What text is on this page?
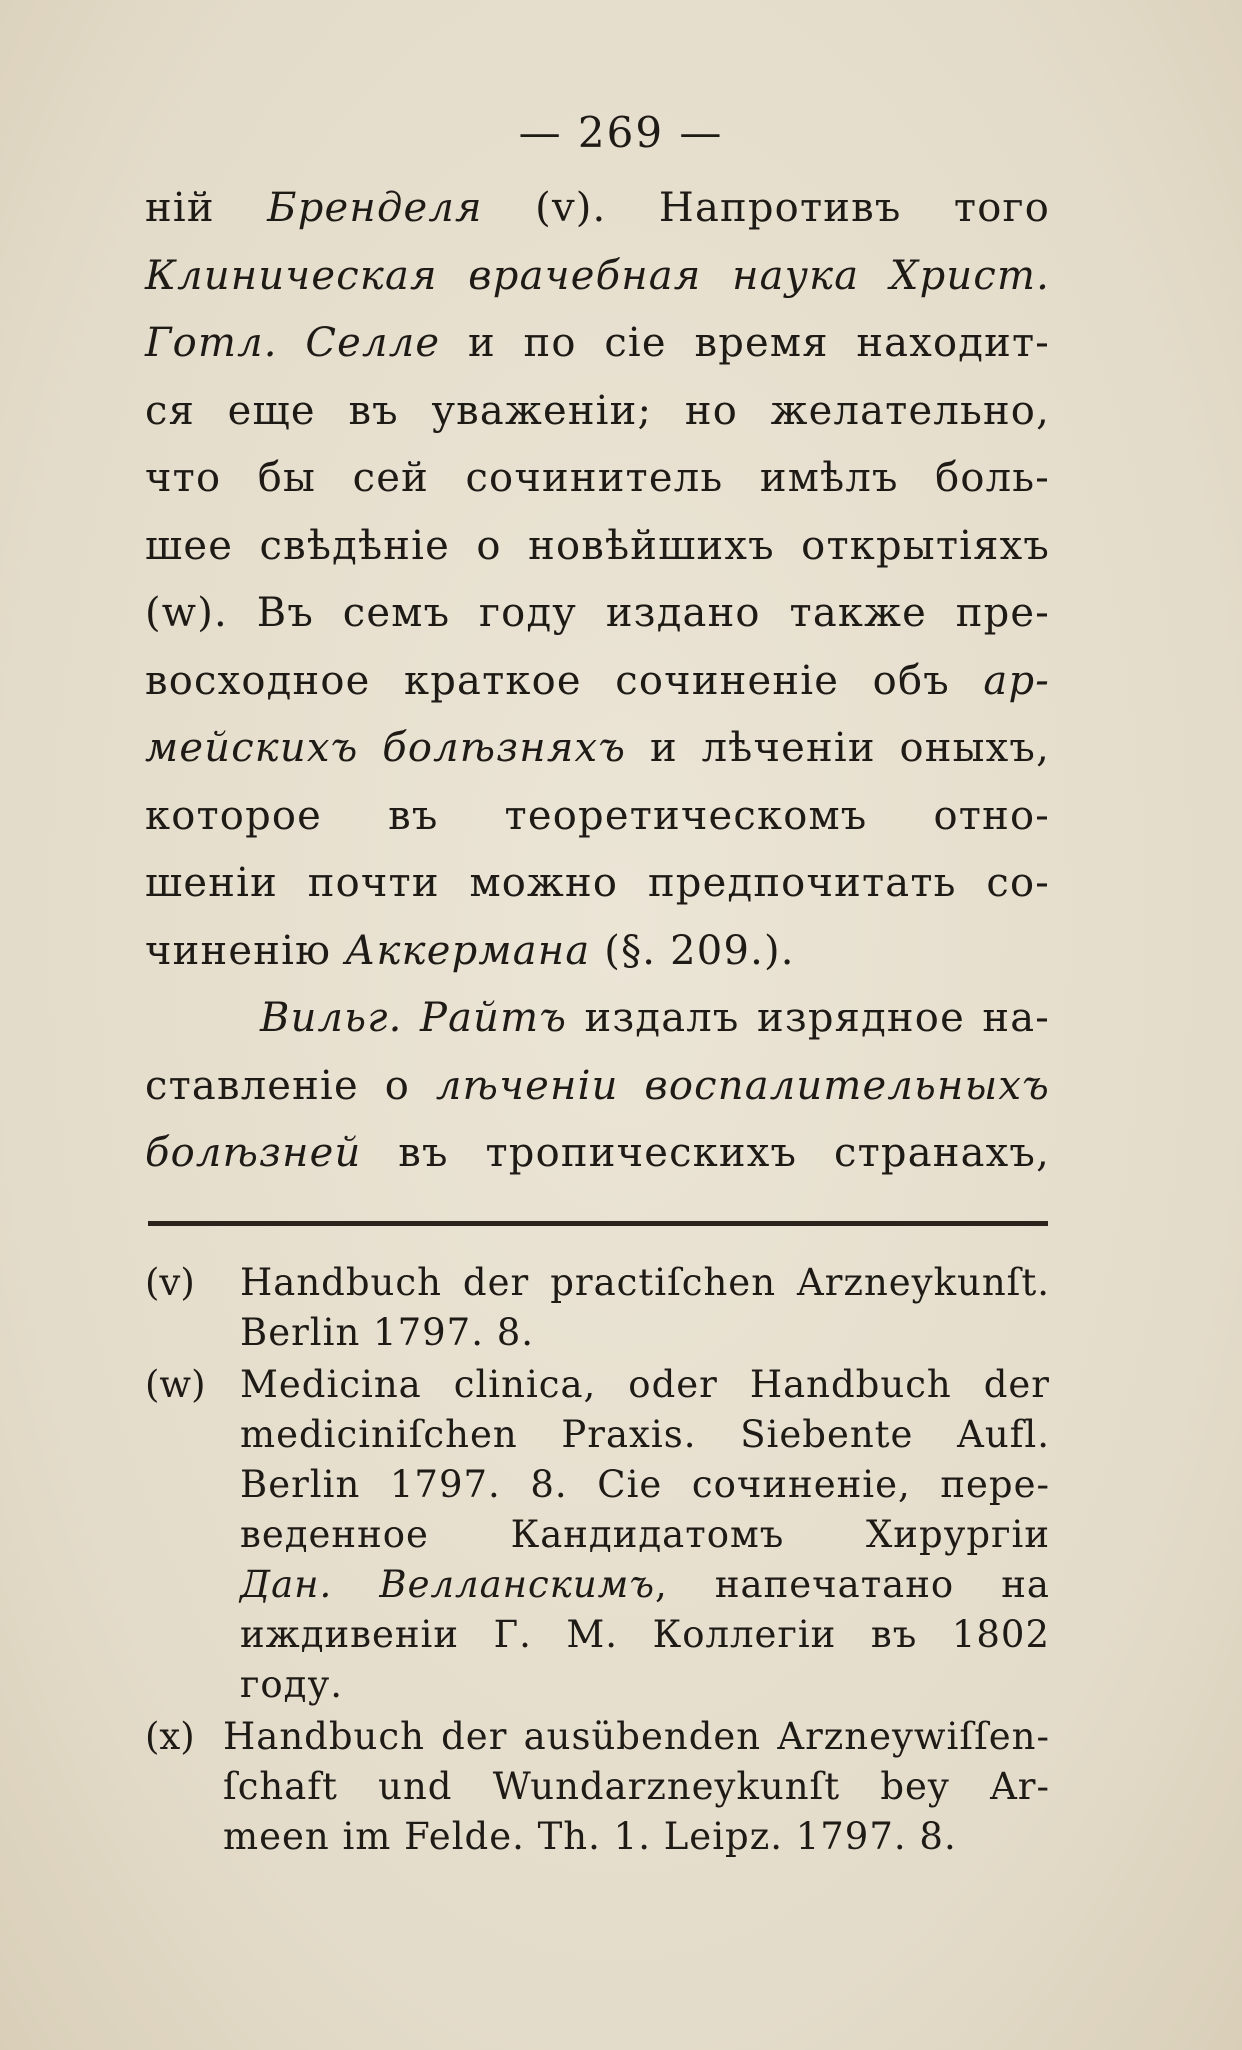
— 269 —
ній Бренделя (v). Напротивъ того
Клиническая врачебная наука Христ.
Готл. Селле и по сіе время находит-
ся еще въ уваженіи; но желательно,
что бы сей сочинитель имѣлъ боль-
шее свѣдѣніе о новѣйшихъ открытіяхъ
(w). Въ семъ году издано также пре-
восходное краткое сочиненіе объ ар-
мейскихъ болѣзняхъ и лѣченіи оныхъ,
которое въ теоретическомъ отно-
шеніи почти можно предпочитать со-
чиненію Аккермана (§. 209.).
Вильг. Райтъ издалъ изрядное на-
ставленіе о лѣченіи воспалительныхъ
болѣзней въ тропическихъ странахъ,
(v) Handbuch der practiſchen Arzneykunſt.
Berlin 1797. 8.
(w) Medicina clinica, oder Handbuch der
mediciniſchen Praxis. Siebente Aufl.
Berlin 1797. 8. Сіе сочиненіе, пере-
веденное Кандидатомъ Хирургіи
Дан. Велланскимъ, напечатано на
иждивеніи Г. М. Коллегіи въ 1802
году.
(x) Handbuch der ausübenden Arzneywiſſen-
ſchaft und Wundarzneykunſt bey Ar-
meen im Felde. Th. 1. Leipz. 1797. 8.
